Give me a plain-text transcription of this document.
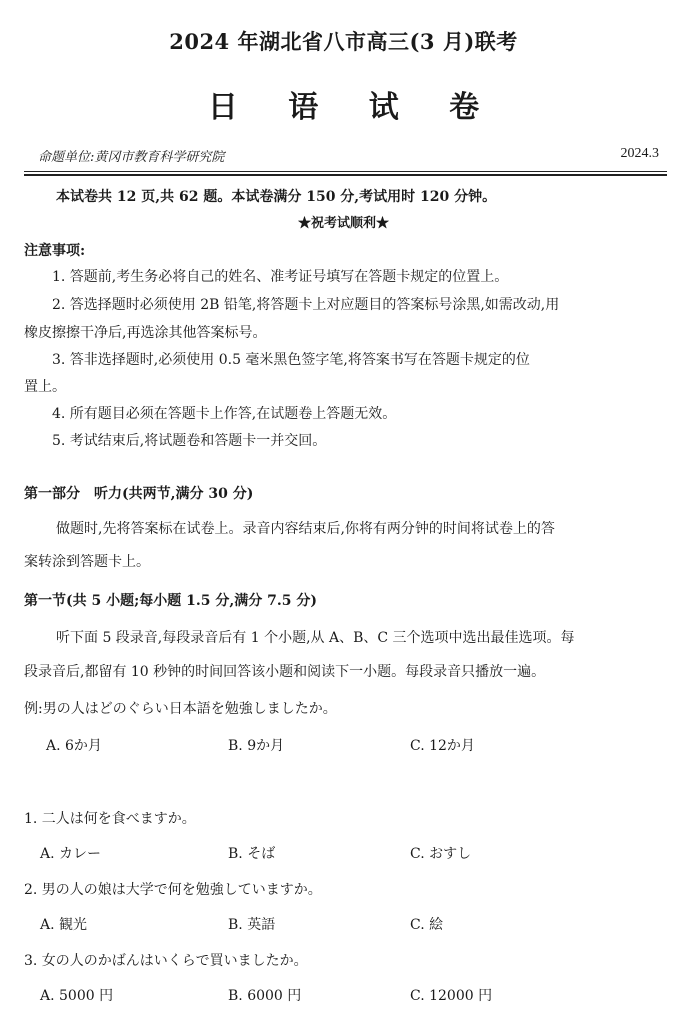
2024 年湖北省八市高三(3 月)联考
日 语 试 卷
命题单位:黄冈市教育科学研究院	2024.3
本试卷共 12 页,共 62 题。本试卷满分 150 分,考试用时 120 分钟。
★祝考试顺利★
注意事项:
1. 答题前,考生务必将自己的姓名、准考证号填写在答题卡规定的位置上。
2. 答选择题时必须使用 2B 铅笔,将答题卡上对应题目的答案标号涂黑,如需改动,用
橡皮擦擦干净后,再选涂其他答案标号。
3. 答非选择题时,必须使用 0.5 毫米黑色签字笔,将答案书写在答题卡规定的位
置上。
4. 所有题目必须在答题卡上作答,在试题卷上答题无效。
5. 考试结束后,将试题卷和答题卡一并交回。
第一部分　听力(共两节,满分 30 分)
做题时,先将答案标在试卷上。录音内容结束后,你将有两分钟的时间将试卷上的答
案转涂到答题卡上。
第一节(共 5 小题;每小题 1.5 分,满分 7.5 分)
听下面 5 段录音,每段录音后有 1 个小题,从 A、B、C 三个选项中选出最佳选项。每
段录音后,都留有 10 秒钟的时间回答该小题和阅读下一小题。每段录音只播放一遍。
例:男の人はどのぐらい日本語を勉強しましたか。
A. 6か月	B. 9か月	C. 12か月
1. 二人は何を食べますか。
A. カレー	B. そば	C. おすし
2. 男の人の娘は大学で何を勉強していますか。
A. 観光	B. 英語	C. 絵
3. 女の人のかばんはいくらで買いましたか。
A. 5000 円	B. 6000 円	C. 12000 円
